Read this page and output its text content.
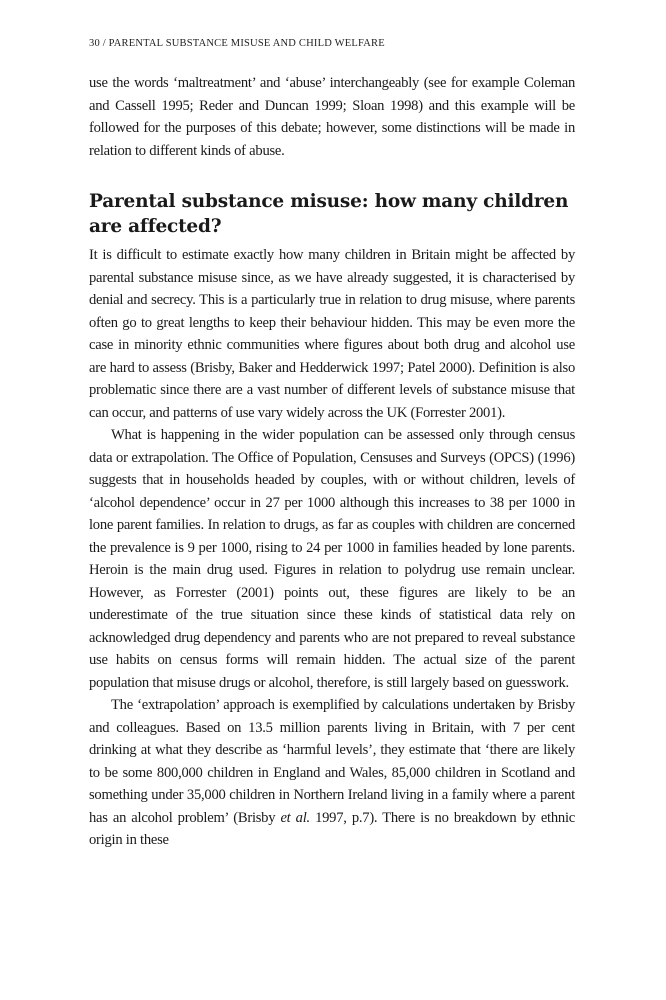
30 / PARENTAL SUBSTANCE MISUSE AND CHILD WELFARE

use the words ‘maltreatment’ and ‘abuse’ interchangeably (see for example Coleman and Cassell 1995; Reder and Duncan 1999; Sloan 1998) and this example will be followed for the purposes of this debate; however, some distinctions will be made in relation to different kinds of abuse.

Parental substance misuse: how many children are affected?

It is difficult to estimate exactly how many children in Britain might be affected by parental substance misuse since, as we have already suggested, it is characterised by denial and secrecy. This is a particularly true in relation to drug misuse, where parents often go to great lengths to keep their behaviour hidden. This may be even more the case in minority ethnic communities where figures about both drug and alcohol use are hard to assess (Brisby, Baker and Hedderwick 1997; Patel 2000). Definition is also problematic since there are a vast number of different levels of substance misuse that can occur, and patterns of use vary widely across the UK (Forrester 2001).

What is happening in the wider population can be assessed only through census data or extrapolation. The Office of Population, Censuses and Surveys (OPCS) (1996) suggests that in households headed by couples, with or without children, levels of ‘alcohol dependence’ occur in 27 per 1000 although this increases to 38 per 1000 in lone parent families. In relation to drugs, as far as couples with children are concerned the prevalence is 9 per 1000, rising to 24 per 1000 in families headed by lone parents. Heroin is the main drug used. Figures in relation to polydrug use remain unclear. However, as Forrester (2001) points out, these figures are likely to be an underestimate of the true situation since these kinds of statistical data rely on acknowledged drug dependency and parents who are not prepared to reveal substance use habits on census forms will remain hidden. The actual size of the parent population that misuse drugs or alcohol, therefore, is still largely based on guesswork.

The ‘extrapolation’ approach is exemplified by calculations undertaken by Brisby and colleagues. Based on 13.5 million parents living in Britain, with 7 per cent drinking at what they describe as ‘harmful levels’, they estimate that ‘there are likely to be some 800,000 children in England and Wales, 85,000 children in Scotland and something under 35,000 children in Northern Ireland living in a family where a parent has an alcohol problem’ (Brisby et al. 1997, p.7). There is no breakdown by ethnic origin in these
